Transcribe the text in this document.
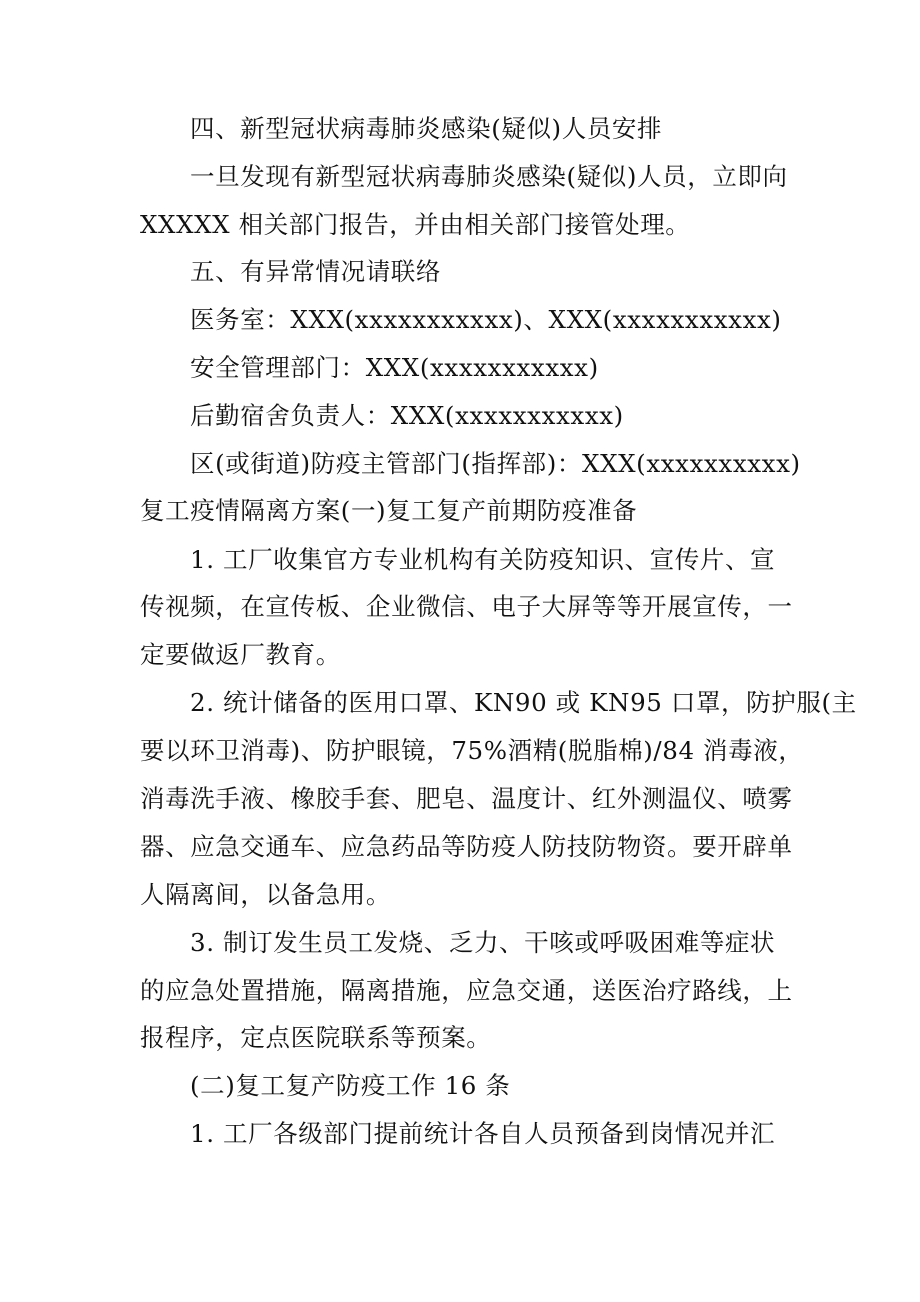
四、新型冠状病毒肺炎感染(疑似)人员安排
一旦发现有新型冠状病毒肺炎感染(疑似)人员，立即向
XXXXX 相关部门报告，并由相关部门接管处理。
五、有异常情况请联络
医务室：XXX(xxxxxxxxxxx)、XXX(xxxxxxxxxxx)
安全管理部门：XXX(xxxxxxxxxxx)
后勤宿舍负责人：XXX(xxxxxxxxxxx)
区(或街道)防疫主管部门(指挥部)：XXX(xxxxxxxxxx)
复工疫情隔离方案(一)复工复产前期防疫准备
1. 工厂收集官方专业机构有关防疫知识、宣传片、宣
传视频，在宣传板、企业微信、电子大屏等等开展宣传，一
定要做返厂教育。
2. 统计储备的医用口罩、KN90 或 KN95 口罩，防护服(主
要以环卫消毒)、防护眼镜，75%酒精(脱脂棉)/84 消毒液，
消毒洗手液、橡胶手套、肥皂、温度计、红外测温仪、喷雾
器、应急交通车、应急药品等防疫人防技防物资。要开辟单
人隔离间，以备急用。
3. 制订发生员工发烧、乏力、干咳或呼吸困难等症状
的应急处置措施，隔离措施，应急交通，送医治疗路线，上
报程序，定点医院联系等预案。
(二)复工复产防疫工作 16 条
1. 工厂各级部门提前统计各自人员预备到岗情况并汇
